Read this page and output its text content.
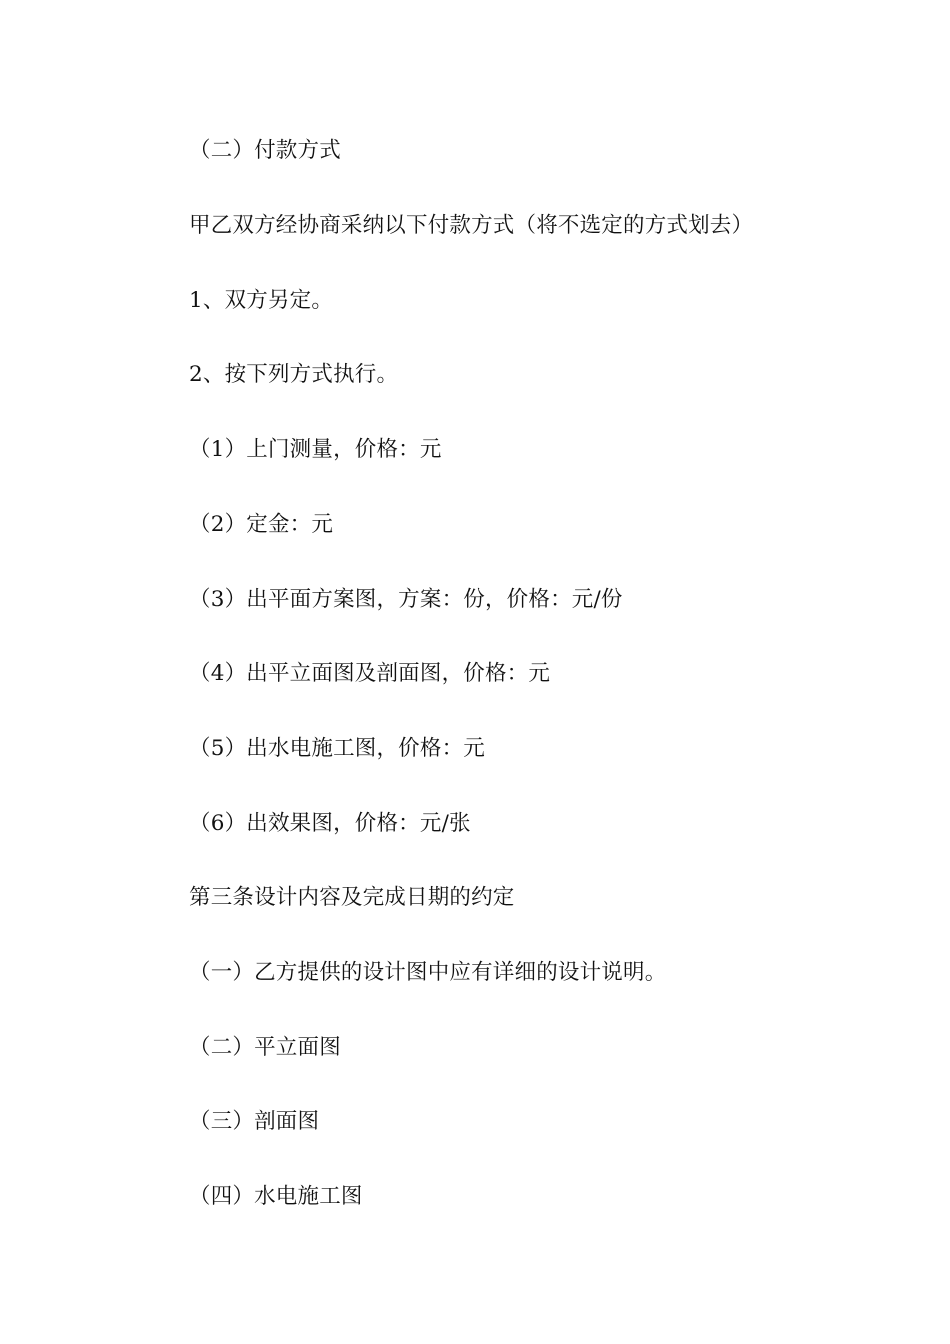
（二）付款方式
甲乙双方经协商采纳以下付款方式（将不选定的方式划去）
1、双方另定。
2、按下列方式执行。
（1）上门测量，价格：元
（2）定金：元
（3）出平面方案图，方案：份，价格：元/份
（4）出平立面图及剖面图，价格：元
（5）出水电施工图，价格：元
（6）出效果图，价格：元/张
第三条设计内容及完成日期的约定
（一）乙方提供的设计图中应有详细的设计说明。
（二）平立面图
（三）剖面图
（四）水电施工图
